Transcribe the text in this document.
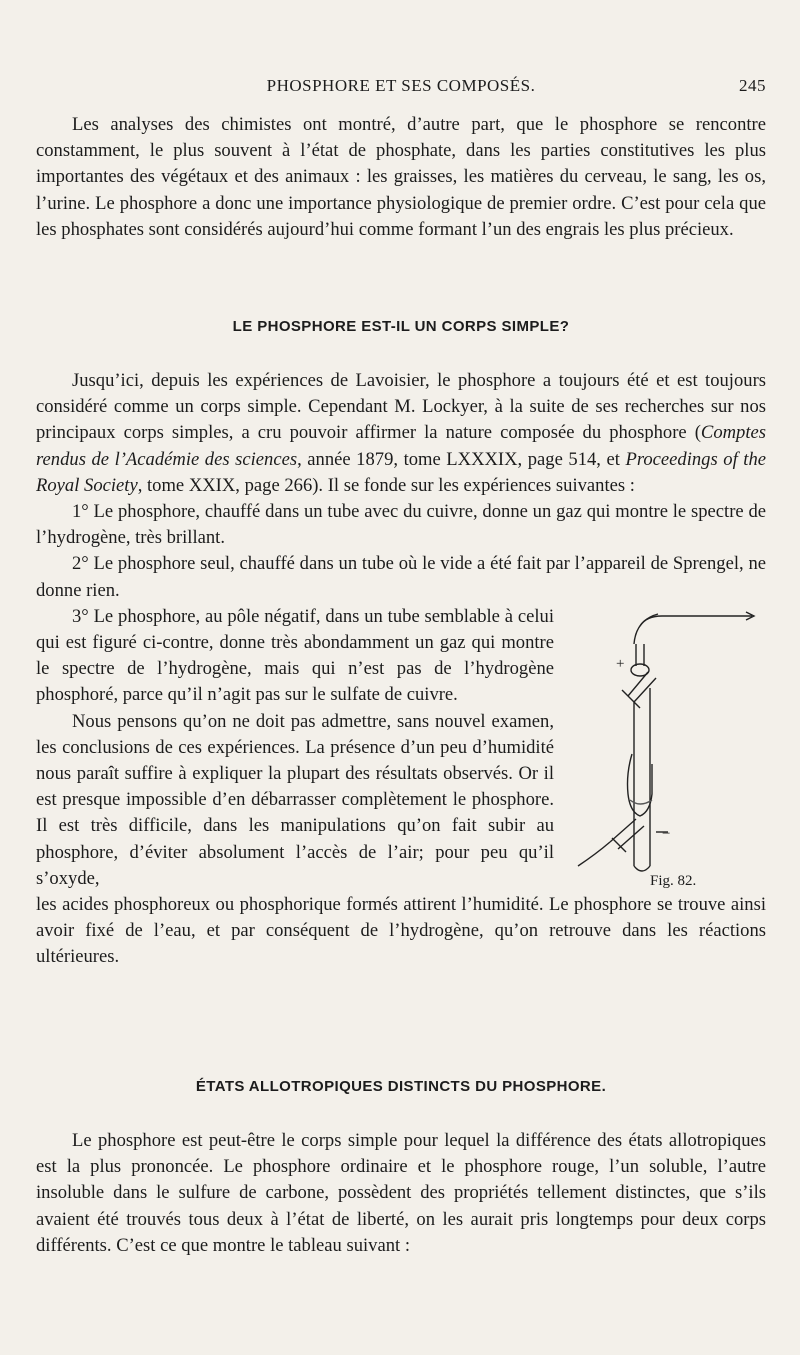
PHOSPHORE ET SES COMPOSÉS.	245

Les analyses des chimistes ont montré, d’autre part, que le phosphore se rencontre constamment, le plus souvent à l’état de phosphate, dans les parties constitutives les plus importantes des végétaux et des animaux : les graisses, les matières du cerveau, le sang, les os, l’urine. Le phosphore a donc une importance physiologique de premier ordre. C’est pour cela que les phosphates sont considérés aujourd’hui comme formant l’un des engrais les plus précieux.

LE PHOSPHORE EST-IL UN CORPS SIMPLE?

Jusqu’ici, depuis les expériences de Lavoisier, le phosphore a toujours été et est toujours considéré comme un corps simple. Cependant M. Lockyer, à la suite de ses recherches sur nos principaux corps simples, a cru pouvoir affirmer la nature composée du phosphore (Comptes rendus de l’Académie des sciences, année 1879, tome LXXXIX, page 514, et Proceedings of the Royal Society, tome XXIX, page 266). Il se fonde sur les expériences suivantes :

1° Le phosphore, chauffé dans un tube avec du cuivre, donne un gaz qui montre le spectre de l’hydrogène, très brillant.

2° Le phosphore seul, chauffé dans un tube où le vide a été fait par l’appareil de Sprengel, ne donne rien.

3° Le phosphore, au pôle négatif, dans un tube semblable à celui qui est figuré ci-contre, donne très abondamment un gaz qui montre le spectre de l’hydrogène, mais qui n’est pas de l’hydrogène phosphoré, parce qu’il n’agit pas sur le sulfate de cuivre.

Nous pensons qu’on ne doit pas admettre, sans nouvel examen, les conclusions de ces expériences. La présence d’un peu d’humidité nous paraît suffire à expliquer la plupart des résultats observés. Or il est presque impossible d’en débarrasser complètement le phosphore. Il est très difficile, dans les manipulations qu’on fait subir au phosphore, d’éviter absolument l’accès de l’air; pour peu qu’il s’oxyde,

+
−
Fig. 82.

les acides phosphoreux ou phosphorique formés attirent l’humidité. Le phosphore se trouve ainsi avoir fixé de l’eau, et par conséquent de l’hydrogène, qu’on retrouve dans les réactions ultérieures.

ÉTATS ALLOTROPIQUES DISTINCTS DU PHOSPHORE.

Le phosphore est peut-être le corps simple pour lequel la différence des états allotropiques est la plus prononcée. Le phosphore ordinaire et le phosphore rouge, l’un soluble, l’autre insoluble dans le sulfure de carbone, possèdent des propriétés tellement distinctes, que s’ils avaient été trouvés tous deux à l’état de liberté, on les aurait pris longtemps pour deux corps différents. C’est ce que montre le tableau suivant :
